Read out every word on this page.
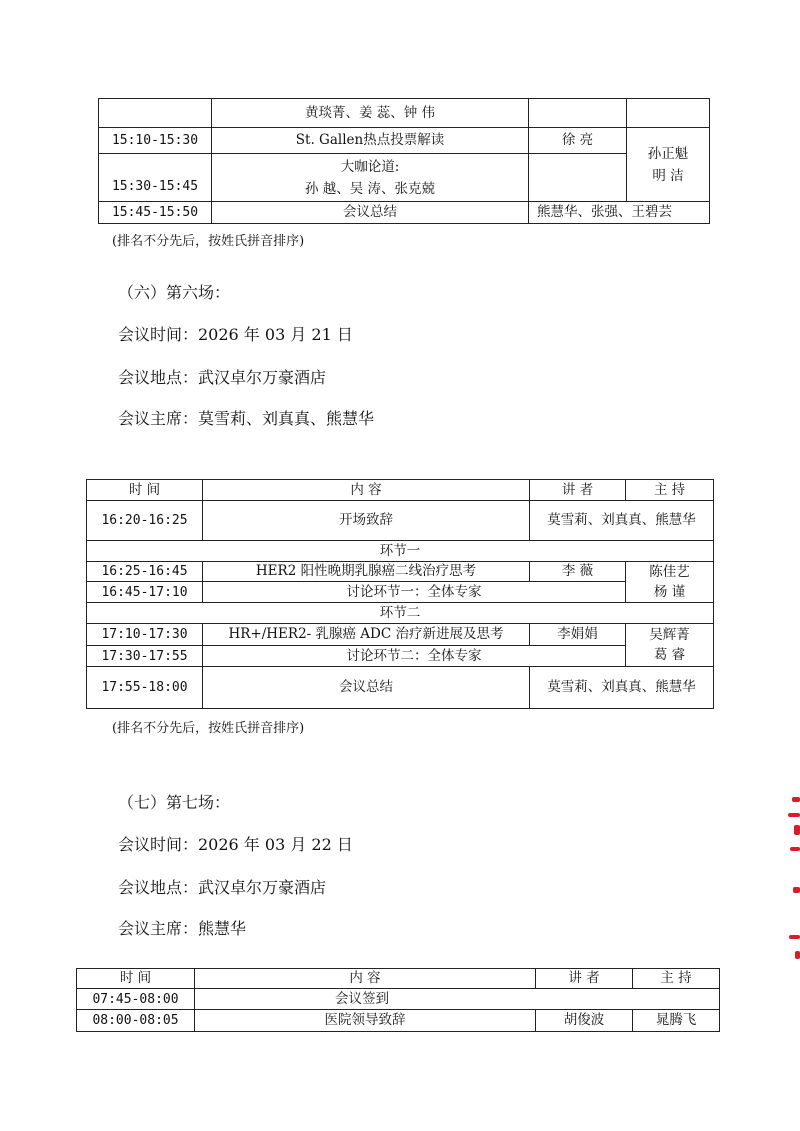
	黄琰菁、姜 蕊、钟 伟		
15:10-15:30	St. Gallen热点投票解读	徐 亮	孙正魁
明 洁

15:30-15:45	大咖论道:
孙 越、吴 涛、张克兢		

15:45-15:50	会议总结	熊慧华、张强、王碧芸	
(排名不分先后，按姓氏拼音排序)
（六）第六场：
会议时间：2026 年 03 月 21 日
会议地点：武汉卓尔万豪酒店
会议主席：莫雪莉、刘真真、熊慧华
时 间	内 容	讲 者	主 持
16:20-16:25	开场致辞	莫雪莉、刘真真、熊慧华	
环节一			
16:25-16:45	HER2 阳性晚期乳腺癌二线治疗思考	李 薇	陈佳艺
杨 谨

16:45-17:10	讨论环节一：全体专家		
环节二			
17:10-17:30	HR+/HER2- 乳腺癌 ADC 治疗新进展及思考	李娟娟	吴辉菁
葛 睿

17:30-17:55	讨论环节二：全体专家		
17:55-18:00	会议总结	莫雪莉、刘真真、熊慧华	
(排名不分先后，按姓氏拼音排序)
（七）第七场：
会议时间：2026 年 03 月 22 日
会议地点：武汉卓尔万豪酒店
会议主席：熊慧华
时 间	内 容	讲 者	主 持
07:45-08:00	会议签到		
08:00-08:05	医院领导致辞	胡俊波	晁腾飞
